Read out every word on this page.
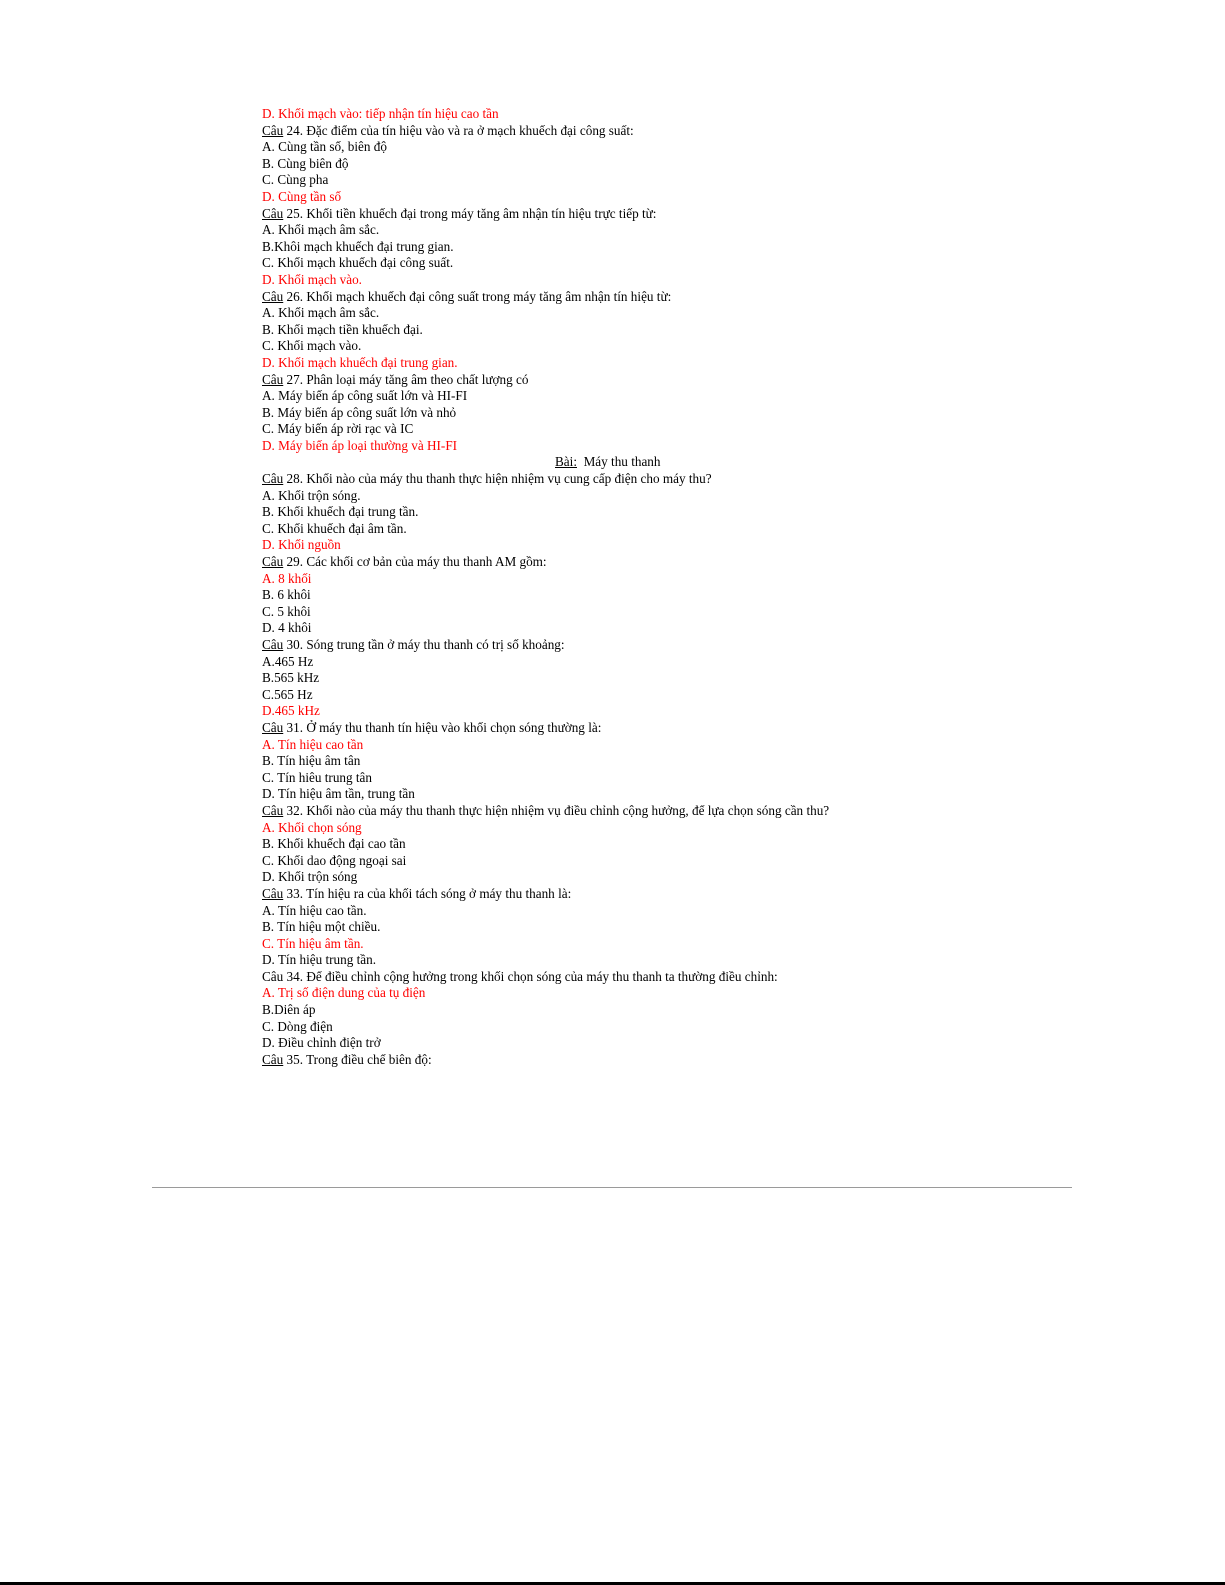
D. Khối mạch vào: tiếp nhận tín hiệu cao tần
Câu 24. Đặc điểm của tín hiệu vào và ra ở mạch khuếch đại công suất:
A. Cùng tần số, biên độ
B. Cùng biên độ
C. Cùng pha
D. Cùng tần số
Câu 25. Khối tiền khuếch đại trong máy tăng âm nhận tín hiệu trực tiếp từ:
A. Khối mạch âm sắc.
B.Khôi mạch khuếch đại trung gian.
C. Khối mạch khuếch đại công suất.
D. Khối mạch vào.
Câu 26. Khối mạch khuếch đại công suất trong máy tăng âm nhận tín hiệu từ:
A. Khối mạch âm sắc.
B. Khối mạch tiền khuếch đại.
C. Khối mạch vào.
D. Khối mạch khuếch đại trung gian.
Câu 27. Phân loại máy tăng âm theo chất lượng có
A. Máy biến áp công suất lớn và HI-FI
B. Máy biến áp công suất lớn và nhỏ
C. Máy biến áp rời rạc và IC
D. Máy biến áp loại thường và HI-FI
Bài:  Máy thu thanh
Câu 28. Khối nào của máy thu thanh thực hiện nhiệm vụ cung cấp điện cho máy thu?
A. Khối trộn sóng.
B. Khối khuếch đại trung tần.
C. Khối khuếch đại âm tần.
D. Khối nguồn
Câu 29. Các khối cơ bản của máy thu thanh AM gồm:
A. 8 khối
B. 6 khôi
C. 5 khôi
D. 4 khôi
Câu 30. Sóng trung tần ở máy thu thanh có trị số khoảng:
A.465 Hz
B.565 kHz
C.565 Hz
D.465 kHz
Câu 31. Ở máy thu thanh tín hiệu vào khối chọn sóng thường là:
A. Tín hiệu cao tần
B. Tín hiệu âm tân
C. Tín hiêu trung tân
D. Tín hiệu âm tần, trung tần
Câu 32. Khối nào của máy thu thanh thực hiện nhiệm vụ điều chỉnh cộng hưởng, để lựa chọn sóng cần thu?
A. Khối chọn sóng
B. Khối khuếch đại cao tần
C. Khối dao động ngoại sai
D. Khối trộn sóng
Câu 33. Tín hiệu ra của khối tách sóng ở máy thu thanh là:
A. Tín hiệu cao tần.
B. Tín hiệu một chiều.
C. Tín hiệu âm tần.
D. Tín hiệu trung tần.
Câu 34. Để điều chỉnh cộng hưởng trong khối chọn sóng của máy thu thanh ta thường điều chỉnh:
A. Trị số điện dung của tụ điện
B.Diên áp
C. Dòng điện
D. Điều chỉnh điện trở
Câu 35. Trong điều chế biên độ:
